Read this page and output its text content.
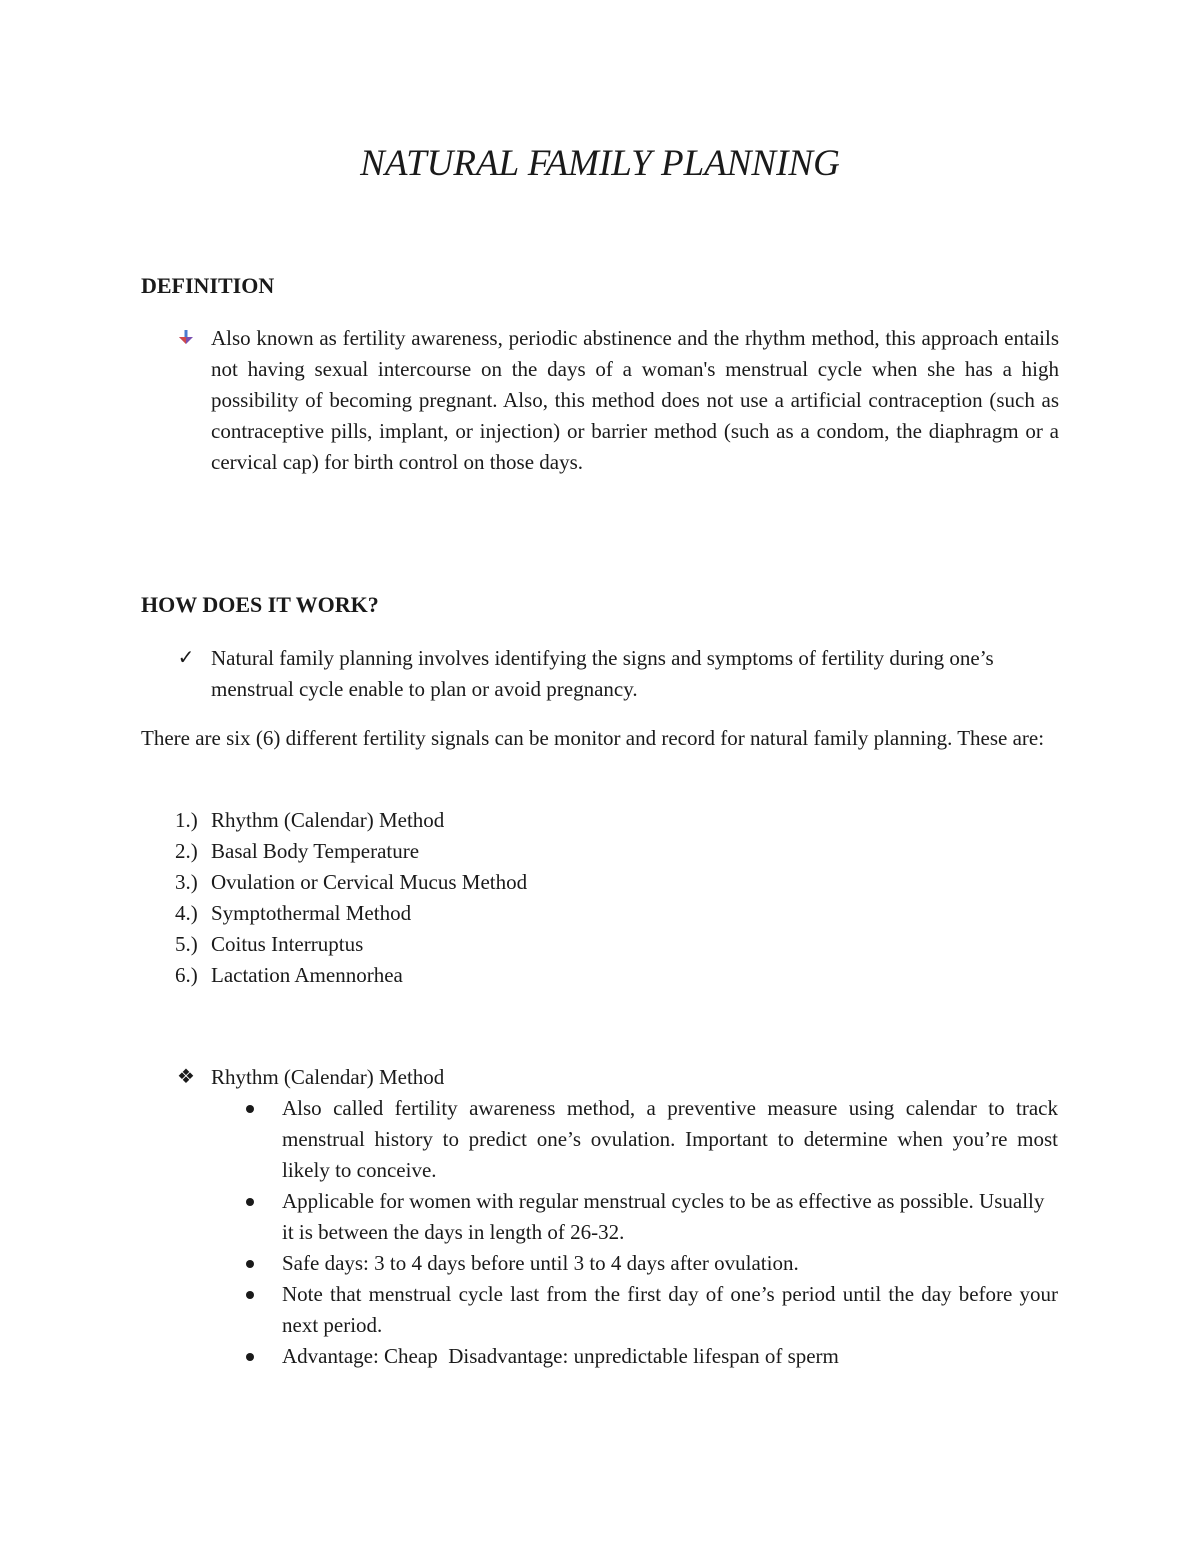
NATURAL FAMILY PLANNING
DEFINITION

Also known as fertility awareness, periodic abstinence and the rhythm method, this approach entails not having sexual intercourse on the days of a woman's menstrual cycle when she has a high possibility of becoming pregnant. Also, this method does not use a artificial contraception (such as contraceptive pills, implant, or injection) or barrier method (such as a condom, the diaphragm or a cervical cap) for birth control on those days.

HOW DOES IT WORK?
✓ Natural family planning involves identifying the signs and symptoms of fertility during one’s menstrual cycle enable to plan or avoid pregnancy.

There are six (6) different fertility signals can be monitor and record for natural family planning. These are:

1.) Rhythm (Calendar) Method
2.) Basal Body Temperature
3.) Ovulation or Cervical Mucus Method
4.) Symptothermal Method
5.) Coitus Interruptus
6.) Lactation Amennorhea
❖ Rhythm (Calendar) Method

Also called fertility awareness method, a preventive measure using calendar to track menstrual history to predict one’s ovulation. Important to determine when you’re most likely to conceive.
Applicable for women with regular menstrual cycles to be as effective as possible. Usually it is between the days in length of 26-32.
Safe days: 3 to 4 days before until 3 to 4 days after ovulation.
Note that menstrual cycle last from the first day of one’s period until the day before your next period.
Advantage: Cheap  Disadvantage: unpredictable lifespan of sperm
